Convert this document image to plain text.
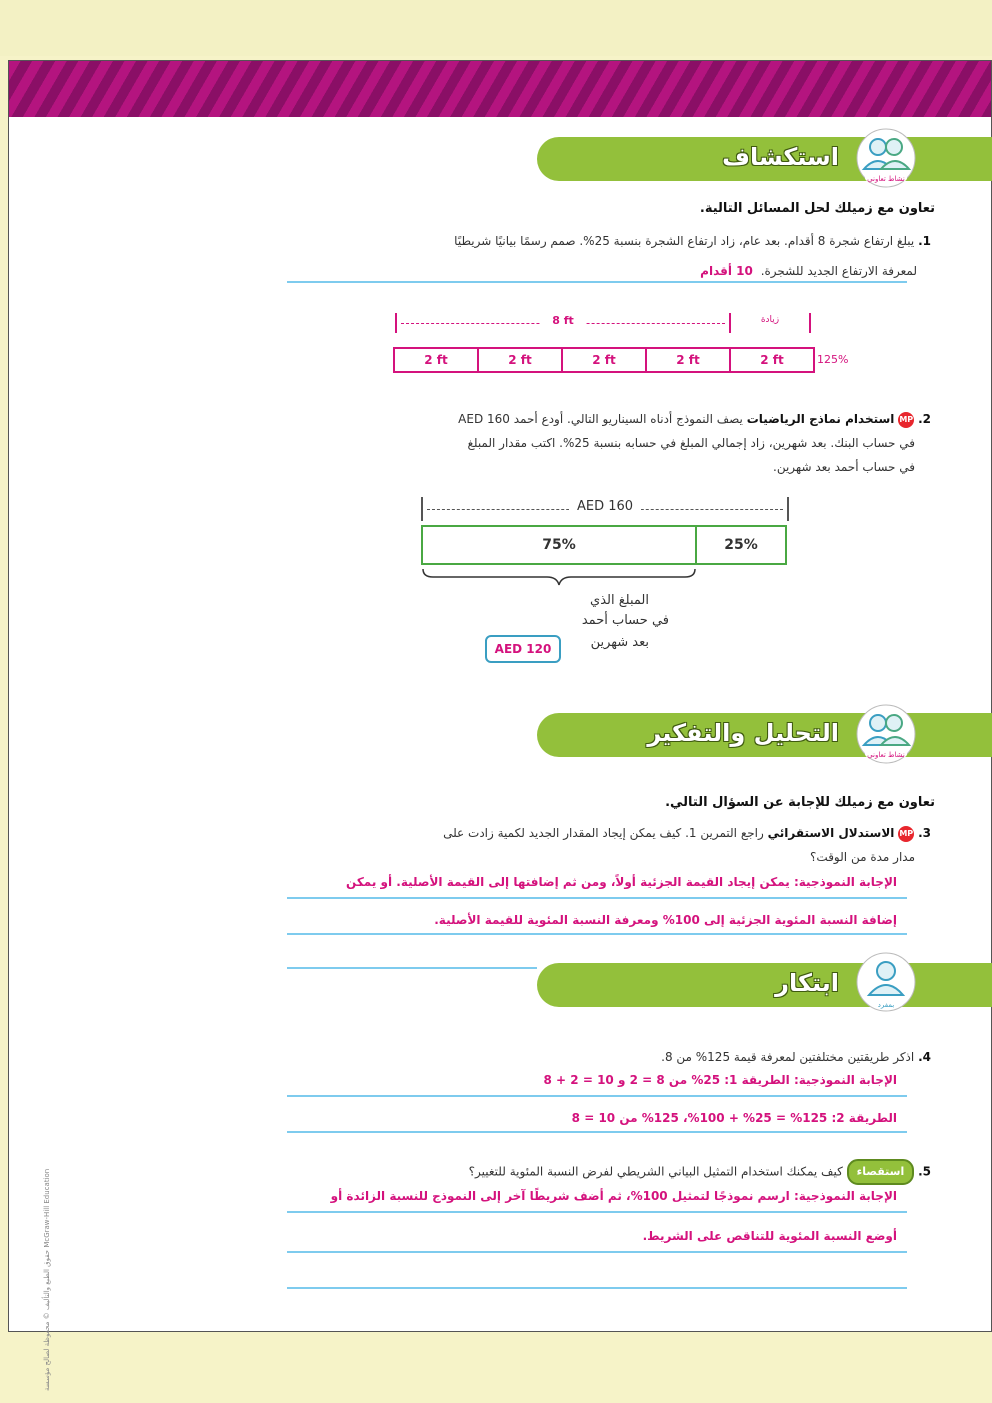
استكشاف
نشاط تعاوني
تعاون مع زميلك لحل المسائل التالية.
1. يبلغ ارتفاع شجرة 8 أقدام. بعد عام، زاد ارتفاع الشجرة بنسبة 25%. صمم رسمًا بيانيًا شريطيًا
لمعرفة الارتفاع الجديد للشجرة. 10 أقدام
8 ft	زيادة
2 ft	2 ft	2 ft	2 ft	2 ft	125%
2. MP استخدام نماذج الرياضيات يصف النموذج أدناه السيناريو التالي. أودع أحمد 160 AED
في حساب البنك. بعد شهرين، زاد إجمالي المبلغ في حسابه بنسبة 25%. اكتب مقدار المبلغ
في حساب أحمد بعد شهرين.
AED 160
75%	25%
المبلغ الذي
في حساب أحمد
بعد شهرين
AED 120
التحليل والتفكير
نشاط تعاوني
تعاون مع زميلك للإجابة عن السؤال التالي.
3. MP الاستدلال الاستقرائي راجع التمرين 1. كيف يمكن إيجاد المقدار الجديد لكمية زادت على
مدار مدة من الوقت؟
الإجابة النموذجية: يمكن إيجاد القيمة الجزئية أولاً، ومن ثم إضافتها إلى القيمة الأصلية. أو يمكن
إضافة النسبة المئوية الجزئية إلى 100% ومعرفة النسبة المئوية للقيمة الأصلية.
ابتكار
بمفرد
4. اذكر طريقتين مختلفتين لمعرفة قيمة 125% من 8.
الإجابة النموذجية: الطريقة 1: 25% من 8 = 2 و 10 = 2 + 8
الطريقة 2: 125% = 25% + 100%، 125% من 10 = 8
5. استقصاء كيف يمكنك استخدام التمثيل البياني الشريطي لفرض النسبة المئوية للتغيير؟
الإجابة النموذجية: ارسم نموذجًا لتمثيل 100%، ثم أضف شريطًا آخر إلى النموذج للنسبة الزائدة أو
أوضع النسبة المئوية للتناقص على الشريط.
حقوق الطبع والتأليف © محفوظة لصالح مؤسسة McGraw-Hill Education
